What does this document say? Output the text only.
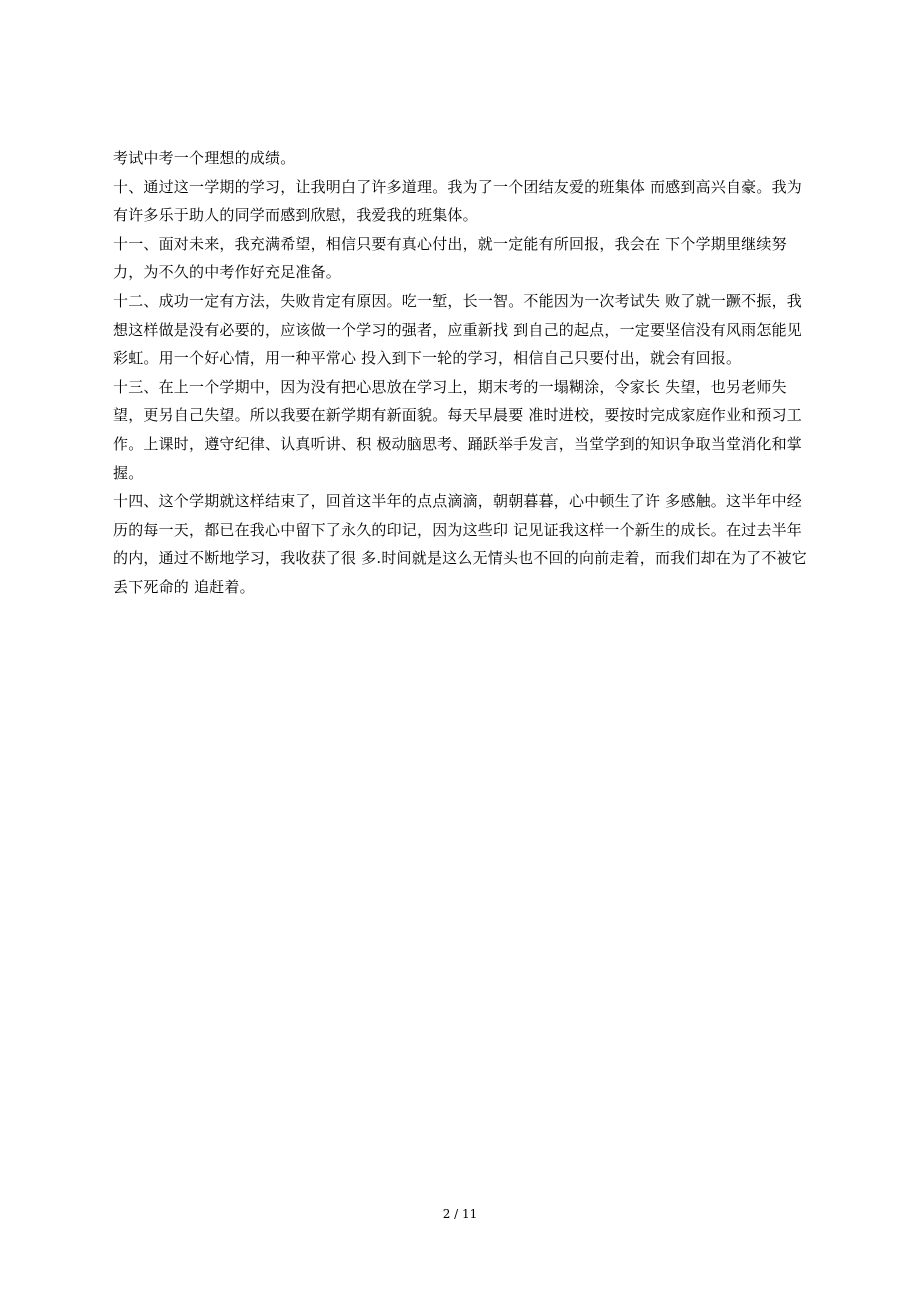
考试中考一个理想的成绩。

十、通过这一学期的学习，让我明白了许多道理。我为了一个团结友爱的班集体 而感到高兴自豪。我为有许多乐于助人的同学而感到欣慰，我爱我的班集体。

十一、面对未来，我充满希望，相信只要有真心付出，就一定能有所回报，我会在 下个学期里继续努力，为不久的中考作好充足准备。

十二、成功一定有方法，失败肯定有原因。吃一堑，长一智。不能因为一次考试失 败了就一蹶不振，我想这样做是没有必要的，应该做一个学习的强者，应重新找 到自己的起点，一定要坚信没有风雨怎能见彩虹。用一个好心情，用一种平常心 投入到下一轮的学习，相信自己只要付出，就会有回报。

十三、在上一个学期中，因为没有把心思放在学习上，期末考的一塌糊涂，令家长 失望，也另老师失望，更另自己失望。所以我要在新学期有新面貌。每天早晨要 准时进校，要按时完成家庭作业和预习工作。上课时，遵守纪律、认真听讲、积 极动脑思考、踊跃举手发言，当堂学到的知识争取当堂消化和掌握。

十四、这个学期就这样结束了，回首这半年的点点滴滴，朝朝暮暮，心中顿生了许 多感触。这半年中经历的每一天，都已在我心中留下了永久的印记，因为这些印 记见证我这样一个新生的成长。在过去半年的内，通过不断地学习，我收获了很 多.时间就是这么无情头也不回的向前走着，而我们却在为了不被它丢下死命的 追赶着。

2 / 11
